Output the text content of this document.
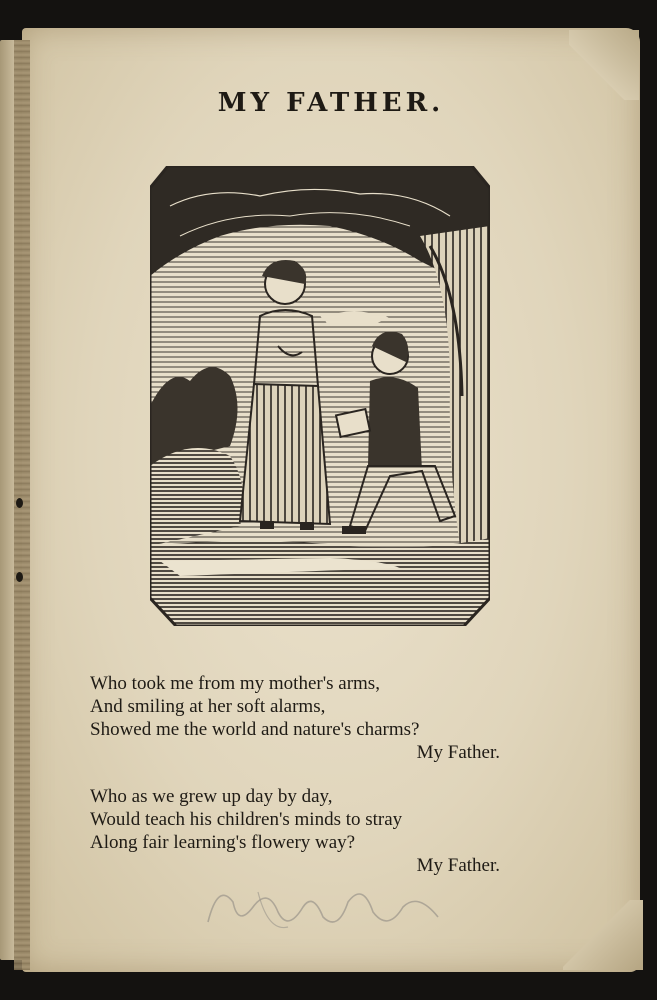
MY FATHER.
Who took me from my mother's arms,
And smiling at her soft alarms,
Showed me the world and nature's charms?
My Father.
Who as we grew up day by day,
Would teach his children's minds to stray
Along fair learning's flowery way?
My Father.
